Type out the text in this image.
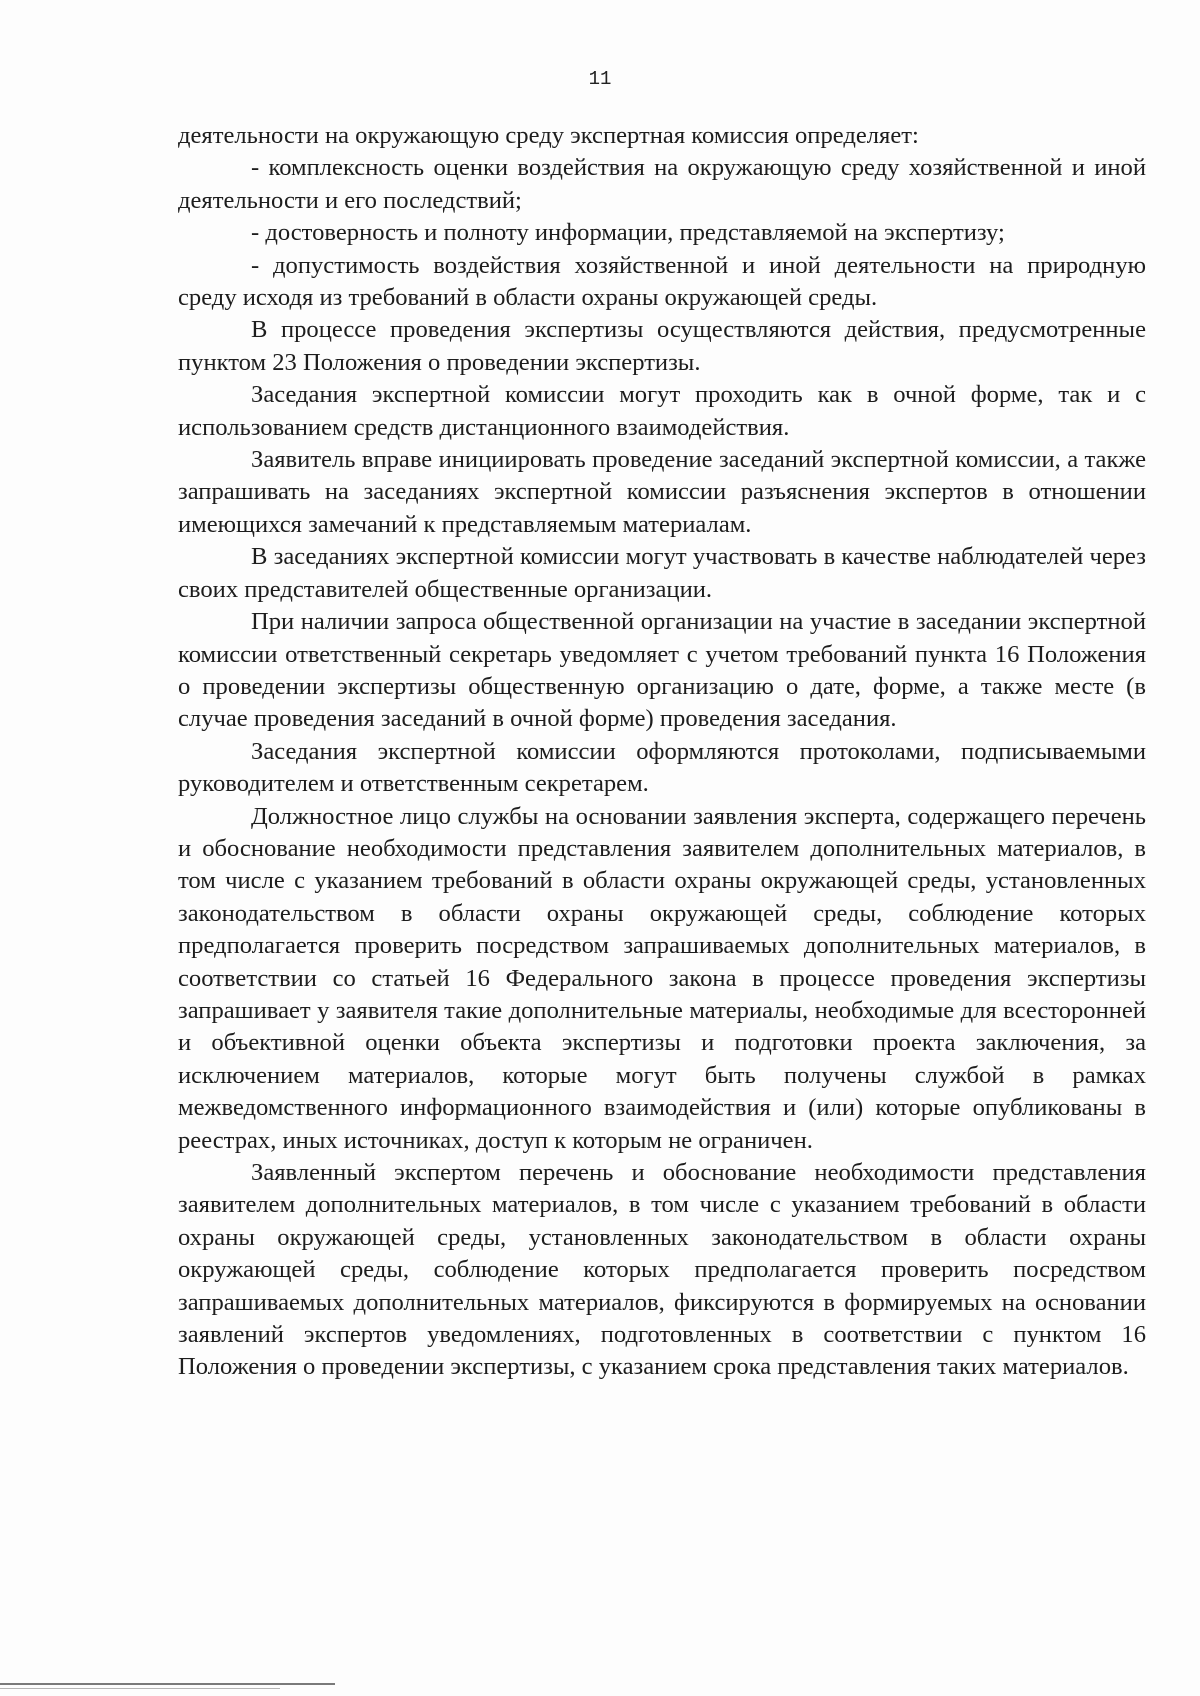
11

деятельности на окружающую среду экспертная комиссия определяет:

- комплексность оценки воздействия на окружающую среду хозяйственной и иной деятельности и его последствий;

- достоверность и полноту информации, представляемой на экспертизу;

- допустимость воздействия хозяйственной и иной деятельности на природную среду исходя из требований в области охраны окружающей среды.

В процессе проведения экспертизы осуществляются действия, предусмотренные пунктом 23 Положения о проведении экспертизы.

Заседания экспертной комиссии могут проходить как в очной форме, так и с использованием средств дистанционного взаимодействия.

Заявитель вправе инициировать проведение заседаний экспертной комиссии, а также запрашивать на заседаниях экспертной комиссии разъяснения экспертов в отношении имеющихся замечаний к представляемым материалам.

В заседаниях экспертной комиссии могут участвовать в качестве наблюдателей через своих представителей общественные организации.

При наличии запроса общественной организации на участие в заседании экспертной комиссии ответственный секретарь уведомляет с учетом требований пункта 16 Положения о проведении экспертизы общественную организацию о дате, форме, а также месте (в случае проведения заседаний в очной форме) проведения заседания.

Заседания экспертной комиссии оформляются протоколами, подписываемыми руководителем и ответственным секретарем.

Должностное лицо службы на основании заявления эксперта, содержащего перечень и обоснование необходимости представления заявителем дополнительных материалов, в том числе с указанием требований в области охраны окружающей среды, установленных законодательством в области охраны окружающей среды, соблюдение которых предполагается проверить посредством запрашиваемых дополнительных материалов, в соответствии со статьей 16 Федерального закона в процессе проведения экспертизы запрашивает у заявителя такие дополнительные материалы, необходимые для всесторонней и объективной оценки объекта экспертизы и подготовки проекта заключения, за исключением материалов, которые могут быть получены службой в рамках межведомственного информационного взаимодействия и (или) которые опубликованы в реестрах, иных источниках, доступ к которым не ограничен.

Заявленный экспертом перечень и обоснование необходимости представления заявителем дополнительных материалов, в том числе с указанием требований в области охраны окружающей среды, установленных законодательством в области охраны окружающей среды, соблюдение которых предполагается проверить посредством запрашиваемых дополнительных материалов, фиксируются в формируемых на основании заявлений экспертов уведомлениях, подготовленных в соответствии с пунктом 16 Положения о проведении экспертизы, с указанием срока представления таких материалов.
